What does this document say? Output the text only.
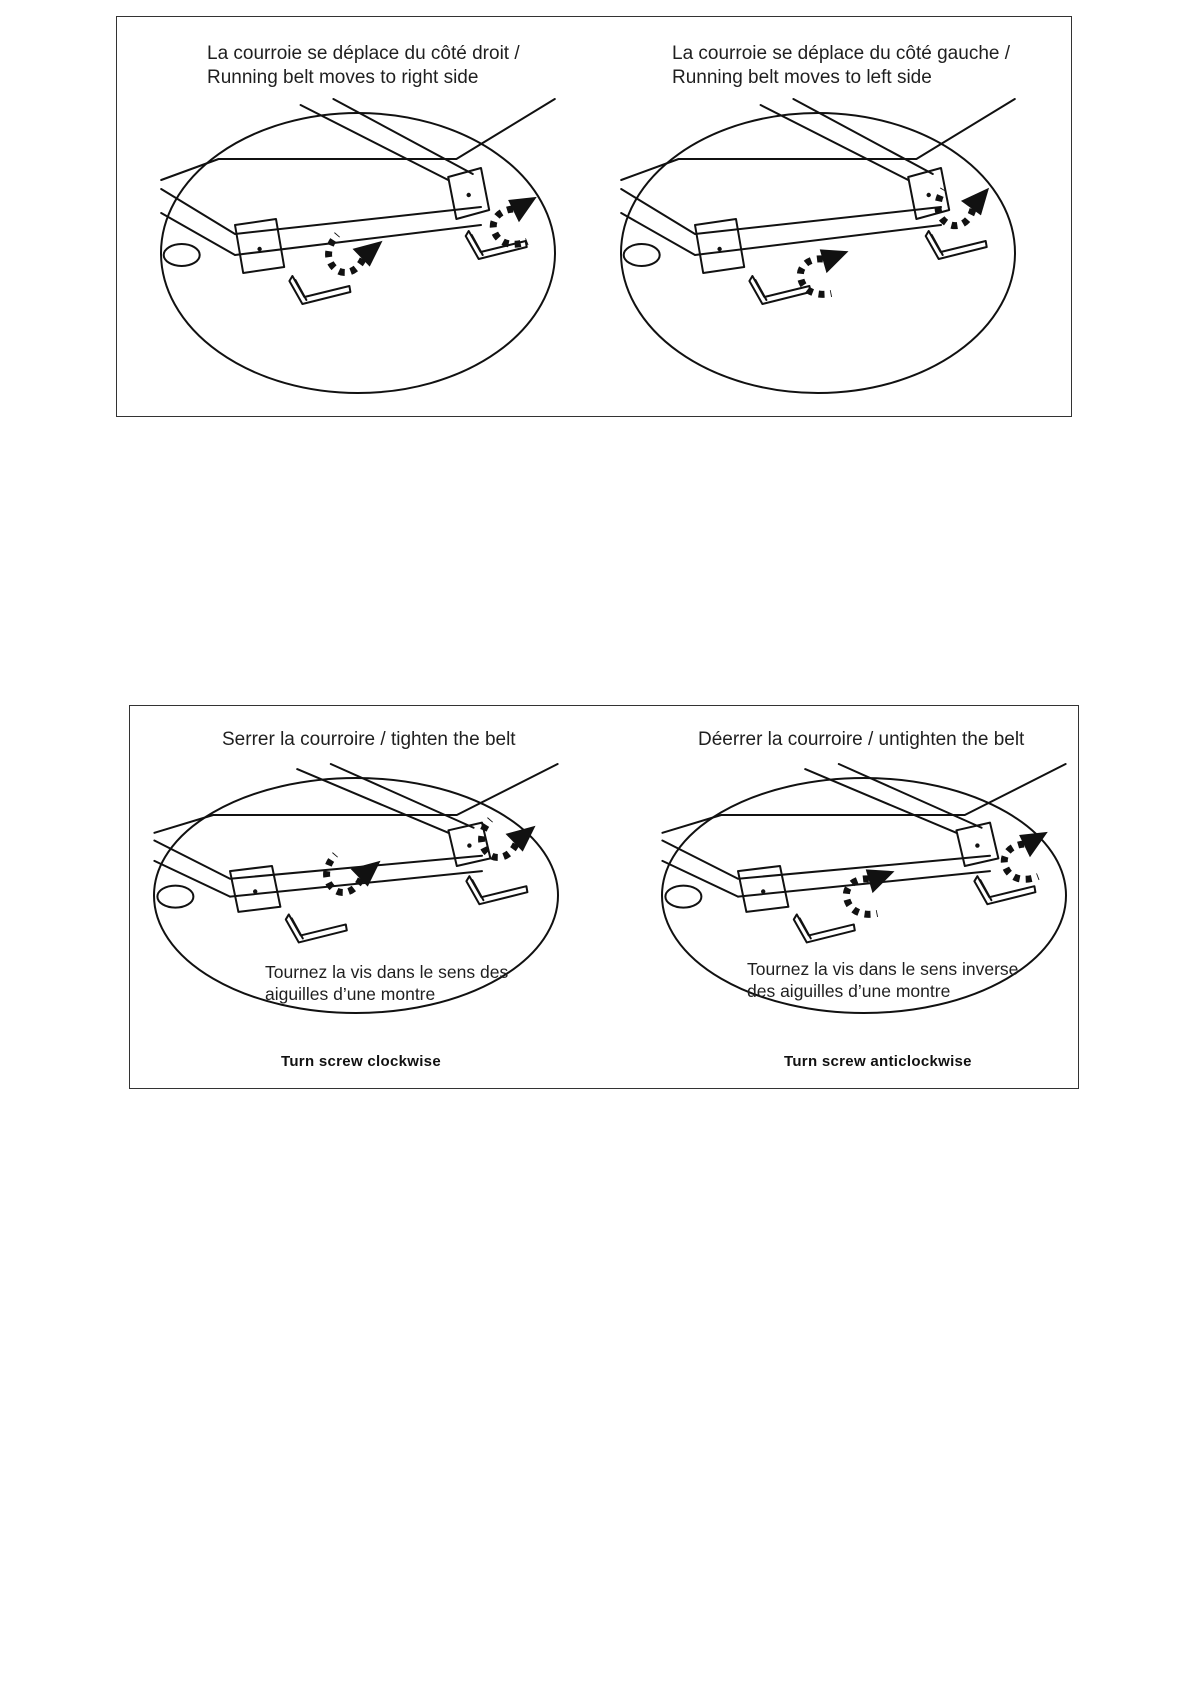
La courroie se déplace du côté droit /
Running belt moves to right side
La courroie se déplace du côté gauche /
Running belt moves to left side
Serrer la courroire / tighten the belt	Déerrer la courroire / untighten the belt
Tournez la vis dans le sens des
aiguilles d’une montre
Tournez la vis dans le sens inverse
des aiguilles d’une montre
Turn screw clockwise	Turn screw anticlockwise
